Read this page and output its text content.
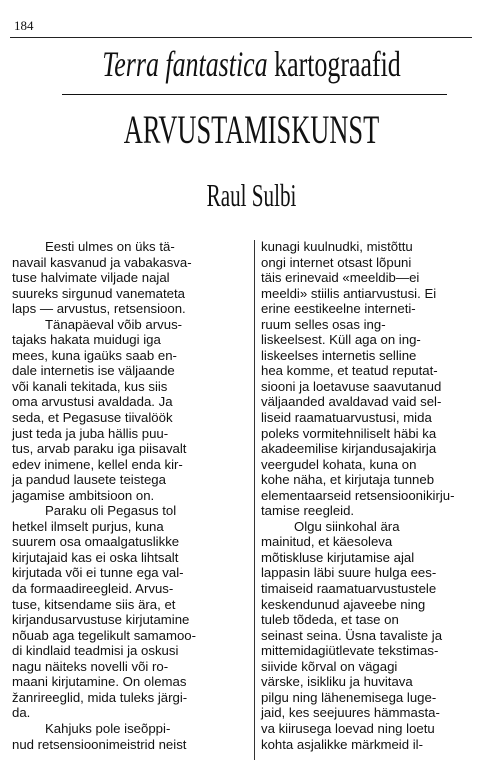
184
Terra fantastica kartograafid
ARVUSTAMISKUNST
Raul Sulbi
Eesti ulmes on üks tä-
navail kasvanud ja vabakasva-
tuse halvimate viljade najal
suureks sirgunud vanemateta
laps — arvustus, retsensioon.
Tänapäeval võib arvus-
tajaks hakata muidugi iga
mees, kuna igaüks saab en-
dale internetis ise väljaande
või kanali tekitada, kus siis
oma arvustusi avaldada. Ja
seda, et Pegasuse tiivalöök
just teda ja juba hällis puu-
tus, arvab paraku iga piisavalt
edev inimene, kellel enda kir-
ja pandud lausete teistega
jagamise ambitsioon on.
Paraku oli Pegasus tol
hetkel ilmselt purjus, kuna
suurem osa omaalgatuslikke
kirjutajaid kas ei oska lihtsalt
kirjutada või ei tunne ega val-
da formaadireegleid. Arvus-
tuse, kitsendame siis ära, et
kirjandusarvustuse kirjutamine
nõuab aga tegelikult samamoo-
di kindlaid teadmisi ja oskusi
nagu näiteks novelli või ro-
maani kirjutamine. On olemas
žanrireeglid, mida tuleks järgi-
da.
Kahjuks pole iseõppi-
nud retsensioonimeistrid neist
kunagi kuulnudki, mistõttu
ongi internet otsast lõpuni
täis erinevaid «meeldib—ei
meeldi» stiilis antiarvustusi. Ei
erine eestikeelne interneti-
ruum selles osas ing-
liskeelsest. Küll aga on ing-
liskeelses internetis selline
hea komme, et teatud reputat-
siooni ja loetavuse saavutanud
väljaanded avaldavad vaid sel-
liseid raamatuarvustusi, mida
poleks vormitehniliselt häbi ka
akadeemilise kirjandusajakirja
veergudel kohata, kuna on
kohe näha, et kirjutaja tunneb
elementaarseid retsensioonikirju-
tamise reegleid.
Olgu siinkohal ära
mainitud, et käesoleva
mõtiskluse kirjutamise ajal
lappasin läbi suure hulga ees-
timaiseid raamatuarvustustele
keskendunud ajaveebe ning
tuleb tõdeda, et tase on
seinast seina. Üsna tavaliste ja
mittemidagiütlevate tekstimas-
siivide kõrval on vägagi
värske, isikliku ja huvitava
pilgu ning lähenemisega luge-
jaid, kes seejuures hämmasta-
va kiirusega loevad ning loetu
kohta asjalikke märkmeid il-
